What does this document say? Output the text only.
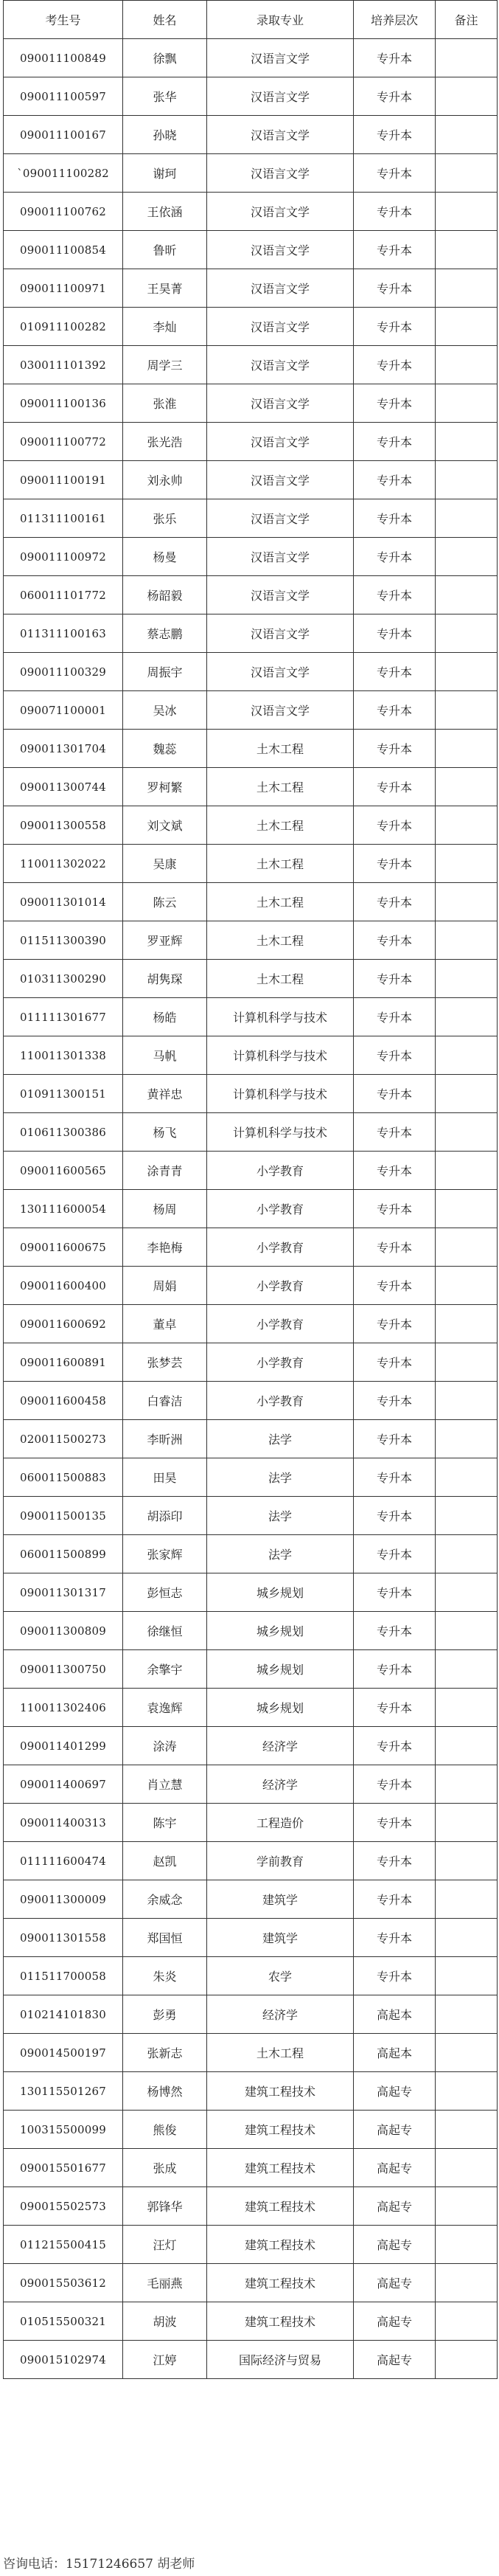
考生号	姓名	录取专业	培养层次	备注
090011100849	徐飘	汉语言文学	专升本	
090011100597	张华	汉语言文学	专升本	
090011100167	孙晓	汉语言文学	专升本	
`090011100282	谢珂	汉语言文学	专升本	
090011100762	王依涵	汉语言文学	专升本	
090011100854	鲁昕	汉语言文学	专升本	
090011100971	王昊菁	汉语言文学	专升本	
010911100282	李灿	汉语言文学	专升本	
030011101392	周学三	汉语言文学	专升本	
090011100136	张淮	汉语言文学	专升本	
090011100772	张光浩	汉语言文学	专升本	
090011100191	刘永帅	汉语言文学	专升本	
011311100161	张乐	汉语言文学	专升本	
090011100972	杨曼	汉语言文学	专升本	
060011101772	杨韶毅	汉语言文学	专升本	
011311100163	蔡志鹏	汉语言文学	专升本	
090011100329	周振宇	汉语言文学	专升本	
090071100001	吴冰	汉语言文学	专升本	
090011301704	魏蕊	土木工程	专升本	
090011300744	罗柯繁	土木工程	专升本	
090011300558	刘文斌	土木工程	专升本	
110011302022	吴康	土木工程	专升本	
090011301014	陈云	土木工程	专升本	
011511300390	罗亚辉	土木工程	专升本	
010311300290	胡隽琛	土木工程	专升本	
011111301677	杨皓	计算机科学与技术	专升本	
110011301338	马帆	计算机科学与技术	专升本	
010911300151	黄祥忠	计算机科学与技术	专升本	
010611300386	杨飞	计算机科学与技术	专升本	
090011600565	涂青青	小学教育	专升本	
130111600054	杨周	小学教育	专升本	
090011600675	李艳梅	小学教育	专升本	
090011600400	周娟	小学教育	专升本	
090011600692	董卓	小学教育	专升本	
090011600891	张梦芸	小学教育	专升本	
090011600458	白睿洁	小学教育	专升本	
020011500273	李昕洲	法学	专升本	
060011500883	田昊	法学	专升本	
090011500135	胡添印	法学	专升本	
060011500899	张家辉	法学	专升本	
090011301317	彭恒志	城乡规划	专升本	
090011300809	徐继恒	城乡规划	专升本	
090011300750	余擎宇	城乡规划	专升本	
110011302406	袁逸辉	城乡规划	专升本	
090011401299	涂涛	经济学	专升本	
090011400697	肖立慧	经济学	专升本	
090011400313	陈宇	工程造价	专升本	
011111600474	赵凯	学前教育	专升本	
090011300009	余威念	建筑学	专升本	
090011301558	郑国恒	建筑学	专升本	
011511700058	朱炎	农学	专升本	
010214101830	彭勇	经济学	高起本	
090014500197	张新志	土木工程	高起本	
130115501267	杨博然	建筑工程技术	高起专	
100315500099	熊俊	建筑工程技术	高起专	
090015501677	张成	建筑工程技术	高起专	
090015502573	郭锋华	建筑工程技术	高起专	
011215500415	汪灯	建筑工程技术	高起专	
090015503612	毛丽燕	建筑工程技术	高起专	
010515500321	胡波	建筑工程技术	高起专	
090015102974	江婷	国际经济与贸易	高起专	
咨询电话：15171246657 胡老师
